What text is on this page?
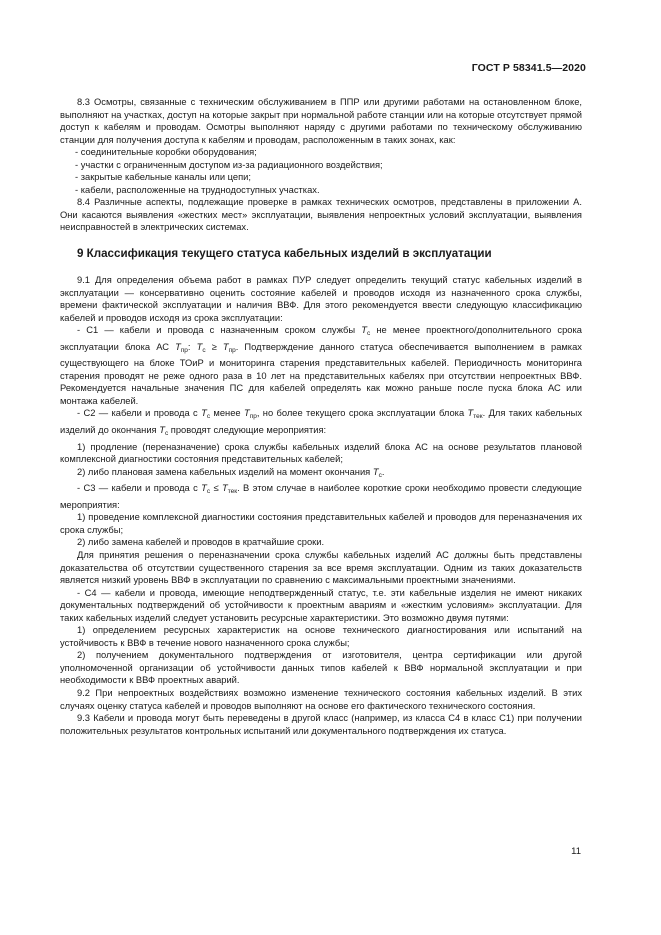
ГОСТ Р 58341.5—2020

8.3 Осмотры, связанные с техническим обслуживанием в ППР или другими работами на остановленном блоке, выполняют на участках, доступ на которые закрыт при нормальной работе станции или на которые отсутствует прямой доступ к кабелям и проводам. Осмотры выполняют наряду с другими работами по техническому обслуживанию станции для получения доступа к кабелям и проводам, расположенным в таких зонах, как:

- соединительные коробки оборудования;

- участки с ограниченным доступом из-за радиационного воздействия;

- закрытые кабельные каналы или цепи;

- кабели, расположенные на труднодоступных участках.

8.4 Различные аспекты, подлежащие проверке в рамках технических осмотров, представлены в приложении А. Они касаются выявления «жестких мест» эксплуатации, выявления непроектных условий эксплуатации, выявления неисправностей в электрических системах.

9 Классификация текущего статуса кабельных изделий в эксплуатации

9.1 Для определения объема работ в рамках ПУР следует определить текущий статус кабельных изделий в эксплуатации — консервативно оценить состояние кабелей и проводов исходя из назначенного срока службы, времени фактической эксплуатации и наличия ВВФ. Для этого рекомендуется ввести следующую классификацию кабелей и проводов исходя из срока эксплуатации:

- С1 — кабели и провода с назначенным сроком службы $T_с$ не менее проектного/дополнительного срока эксплуатации блока АС $T_{пр}$: $T_с \ge T_{пр}$. Подтверждение данного статуса обеспечивается выполнением в рамках существующего на блоке ТОиР и мониторинга старения представительных кабелей. Периодичность мониторинга старения проводят не реже одного раза в 10 лет на представительных кабелях при отсутствии непроектных ВВФ. Рекомендуется начальные значения ПС для кабелей определять как можно раньше после пуска блока АС или монтажа кабелей.

- С2 — кабели и провода с $T_с$ менее $T_{пр}$, но более текущего срока эксплуатации блока $T_{тек}$. Для таких кабельных изделий до окончания $T_с$ проводят следующие мероприятия:

1) продление (переназначение) срока службы кабельных изделий блока АС на основе результатов плановой комплексной диагностики состояния представительных кабелей;

2) либо плановая замена кабельных изделий на момент окончания $T_с$.

- С3 — кабели и провода с $T_с \le T_{тек}$. В этом случае в наиболее короткие сроки необходимо провести следующие мероприятия:

1) проведение комплексной диагностики состояния представительных кабелей и проводов для переназначения их срока службы;

2) либо замена кабелей и проводов в кратчайшие сроки.

Для принятия решения о переназначении срока службы кабельных изделий АС должны быть представлены доказательства об отсутствии существенного старения за все время эксплуатации. Одним из таких доказательств является низкий уровень ВВФ в эксплуатации по сравнению с максимальными проектными значениями.

- С4 — кабели и провода, имеющие неподтвержденный статус, т.е. эти кабельные изделия не имеют никаких документальных подтверждений об устойчивости к проектным авариям и «жестким условиям» эксплуатации. Для таких кабельных изделий следует установить ресурсные характеристики. Это возможно двумя путями:

1) определением ресурсных характеристик на основе технического диагностирования или испытаний на устойчивость к ВВФ в течение нового назначенного срока службы;

2) получением документального подтверждения от изготовителя, центра сертификации или другой уполномоченной организации об устойчивости данных типов кабелей к ВВФ нормальной эксплуатации и при необходимости к ВВФ проектных аварий.

9.2 При непроектных воздействиях возможно изменение технического состояния кабельных изделий. В этих случаях оценку статуса кабелей и проводов выполняют на основе его фактического технического состояния.

9.3 Кабели и провода могут быть переведены в другой класс (например, из класса С4 в класс С1) при получении положительных результатов контрольных испытаний или документального подтверждения их статуса.

11
